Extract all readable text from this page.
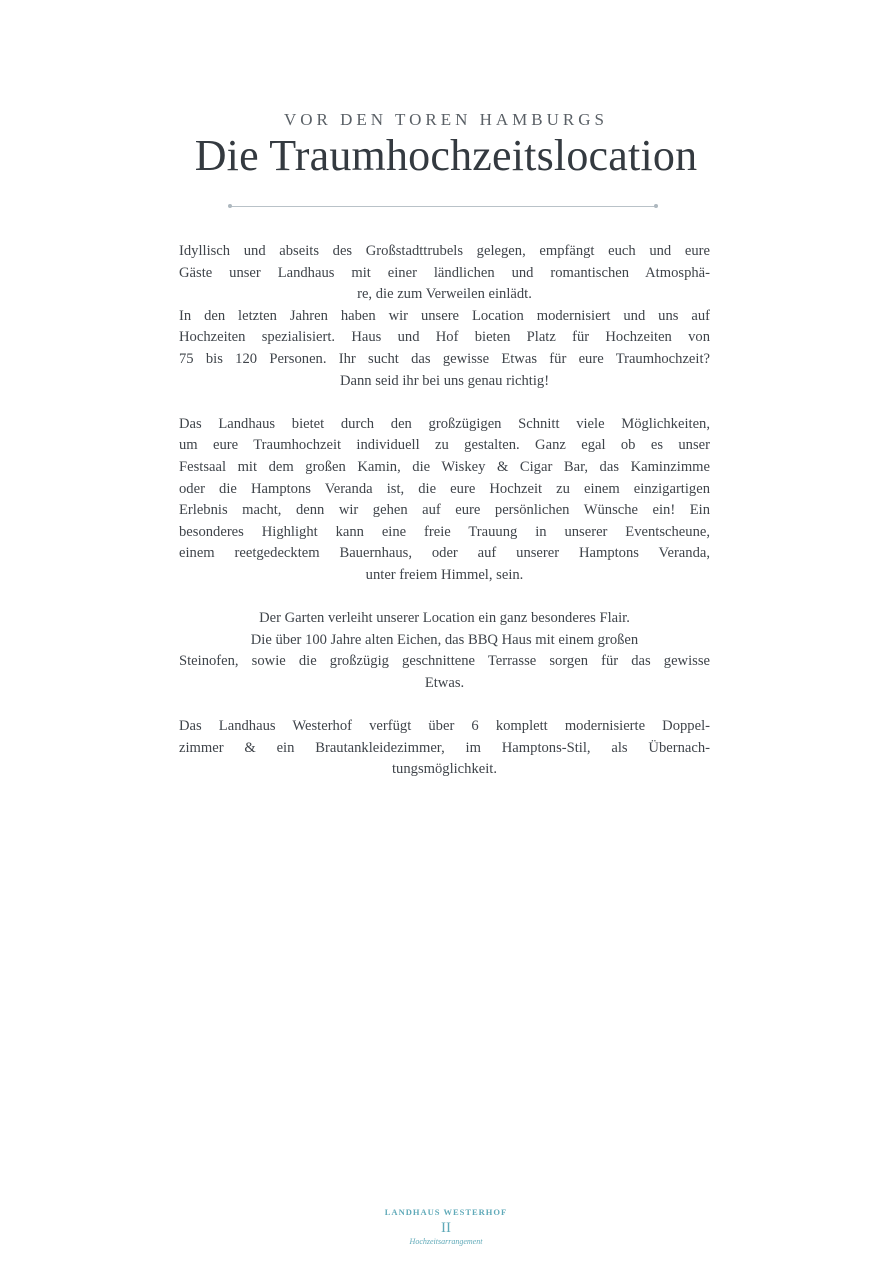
VOR DEN TOREN HAMBURGS
Die Traumhochzeitslocation
Idyllisch und abseits des Großstadttrubels gelegen, empfängt euch und eure
Gäste unser Landhaus mit einer ländlichen und romantischen Atmosphä-
re, die zum Verweilen einlädt.
In den letzten Jahren haben wir unsere Location modernisiert und uns auf
Hochzeiten spezialisiert. Haus und Hof bieten Platz für Hochzeiten von
75 bis 120 Personen. Ihr sucht das gewisse Etwas für eure Traumhochzeit?
Dann seid ihr bei uns genau richtig!
Das Landhaus bietet durch den großzügigen Schnitt viele Möglichkeiten,
um eure Traumhochzeit individuell zu gestalten. Ganz egal ob es unser
Festsaal mit dem großen Kamin, die Wiskey & Cigar Bar, das Kaminzimme
oder die Hamptons Veranda ist, die eure Hochzeit zu einem einzigartigen
Erlebnis macht, denn wir gehen auf eure persönlichen Wünsche ein! Ein
besonderes Highlight kann eine freie Trauung in unserer Eventscheune,
einem reetgedecktem Bauernhaus, oder auf unserer Hamptons Veranda,
unter freiem Himmel, sein.
Der Garten verleiht unserer Location ein ganz besonderes Flair.
Die über 100 Jahre alten Eichen, das BBQ Haus mit einem großen
Steinofen, sowie die großzügig geschnittene Terrasse sorgen für das gewisse
Etwas.
Das Landhaus Westerhof verfügt über 6 komplett modernisierte Doppel-
zimmer & ein Brautankleidezimmer, im Hamptons-Stil, als Übernach-
tungsmöglichkeit.
LANDHAUS WESTERHOF
II
Hochzeitsarrangement
